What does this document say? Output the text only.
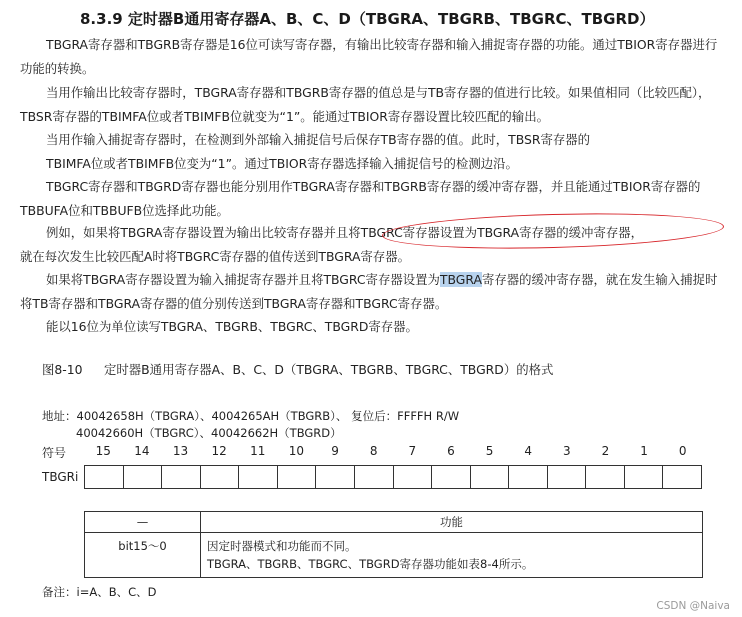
8.3.9 定时器B通用寄存器A、B、C、D（TBGRA、TBGRB、TBGRC、TBGRD）

TBGRA寄存器和TBGRB寄存器是16位可读写寄存器，有输出比较寄存器和输入捕捉寄存器的功能。通过TBIOR寄存器进行功能的转换。

当用作输出比较寄存器时，TBGRA寄存器和TBGRB寄存器的值总是与TB寄存器的值进行比较。如果值相同（比较匹配），TBSR寄存器的TBIMFA位或者TBIMFB位就变为“1”。能通过TBIOR寄存器设置比较匹配的输出。

当用作输入捕捉寄存器时，在检测到外部输入捕捉信号后保存TB寄存器的值。此时，TBSR寄存器的
TBIMFA位或者TBIMFB位变为“1”。通过TBIOR寄存器选择输入捕捉信号的检测边沿。

TBGRC寄存器和TBGRD寄存器也能分别用作TBGRA寄存器和TBGRB寄存器的缓冲寄存器，并且能通过TBIOR寄存器的TBBUFA位和TBBUFB位选择此功能。

例如，如果将TBGRA寄存器设置为输出比较寄存器并且将TBGRC寄存器设置为TBGRA寄存器的缓冲寄存器，
就在每次发生比较匹配A时将TBGRC寄存器的值传送到TBGRA寄存器。

如果将TBGRA寄存器设置为输入捕捉寄存器并且将TBGRC寄存器设置为TBGRA寄存器的缓冲寄存器，就在发生输入捕捉时将TB寄存器和TBGRA寄存器的值分别传送到TBGRA寄存器和TBGRC寄存器。

能以16位为单位读写TBGRA、TBGRB、TBGRC、TBGRD寄存器。

图8-10 定时器B通用寄存器A、B、C、D（TBGRA、TBGRB、TBGRC、TBGRD）的格式
地址：40042658H（TBGRA）、4004265AH（TBGRB）、 复位后：FFFFH R/W
40042660H（TBGRC）、40042662H（TBGRD）
符号	15	14	13	12	11	10	9	8	7	6	5	4	3	2	1	0
TBGRi
—	功能
bit15～0	因定时器模式和功能而不同。
TBGRA、TBGRB、TBGRC、TBGRD寄存器功能如表8-4所示。
备注：i=A、B、C、D
CSDN @Naiva
